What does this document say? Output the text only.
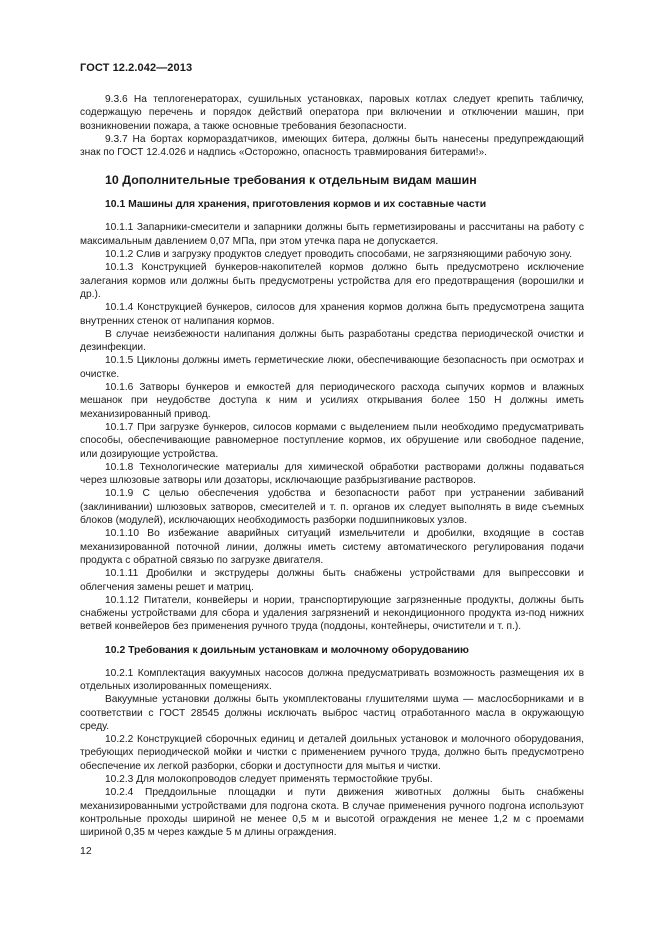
ГОСТ 12.2.042—2013

9.3.6 На теплогенераторах, сушильных установках, паровых котлах следует крепить табличку, содержащую перечень и порядок действий оператора при включении и отключении машин, при возникновении пожара, а также основные требования безопасности.

9.3.7 На бортах кормораздатчиков, имеющих битера, должны быть нанесены предупреждающий знак по ГОСТ 12.4.026 и надпись «Осторожно, опасность травмирования битерами!».

10 Дополнительные требования к отдельным видам машин
10.1 Машины для хранения, приготовления кормов и их составные части

10.1.1 Запарники-смесители и запарники должны быть герметизированы и рассчитаны на работу с максимальным давлением 0,07 МПа, при этом утечка пара не допускается.

10.1.2 Слив и загрузку продуктов следует проводить способами, не загрязняющими рабочую зону.

10.1.3 Конструкцией бункеров-накопителей кормов должно быть предусмотрено исключение залегания кормов или должны быть предусмотрены устройства для его предотвращения (ворошилки и др.).

10.1.4 Конструкцией бункеров, силосов для хранения кормов должна быть предусмотрена защита внутренних стенок от налипания кормов.

В случае неизбежности налипания должны быть разработаны средства периодической очистки и дезинфекции.

10.1.5 Циклоны должны иметь герметические люки, обеспечивающие безопасность при осмотрах и очистке.

10.1.6 Затворы бункеров и емкостей для периодического расхода сыпучих кормов и влажных мешанок при неудобстве доступа к ним и усилиях открывания более 150 Н должны иметь механизированный привод.

10.1.7 При загрузке бункеров, силосов кормами с выделением пыли необходимо предусматривать способы, обеспечивающие равномерное поступление кормов, их обрушение или свободное падение, или дозирующие устройства.

10.1.8 Технологические материалы для химической обработки растворами должны подаваться через шлюзовые затворы или дозаторы, исключающие разбрызгивание растворов.

10.1.9 С целью обеспечения удобства и безопасности работ при устранении забиваний (заклинивании) шлюзовых затворов, смесителей и т. п. органов их следует выполнять в виде съемных блоков (модулей), исключающих необходимость разборки подшипниковых узлов.

10.1.10 Во избежание аварийных ситуаций измельчители и дробилки, входящие в состав механизированной поточной линии, должны иметь систему автоматического регулирования подачи продукта с обратной связью по загрузке двигателя.

10.1.11 Дробилки и экструдеры должны быть снабжены устройствами для выпрессовки и облегчения замены решет и матриц.

10.1.12 Питатели, конвейеры и нории, транспортирующие загрязненные продукты, должны быть снабжены устройствами для сбора и удаления загрязнений и некондиционного продукта из-под нижних ветвей конвейеров без применения ручного труда (поддоны, контейнеры, очистители и т. п.).

10.2 Требования к доильным установкам и молочному оборудованию

10.2.1 Комплектация вакуумных насосов должна предусматривать возможность размещения их в отдельных изолированных помещениях.

Вакуумные установки должны быть укомплектованы глушителями шума — маслосборниками и в соответствии с ГОСТ 28545 должны исключать выброс частиц отработанного масла в окружающую среду.

10.2.2 Конструкцией сборочных единиц и деталей доильных установок и молочного оборудования, требующих периодической мойки и чистки с применением ручного труда, должно быть предусмотрено обеспечение их легкой разборки, сборки и доступности для мытья и чистки.

10.2.3 Для молокопроводов следует применять термостойкие трубы.

10.2.4 Преддоильные площадки и пути движения животных должны быть снабжены механизированными устройствами для подгона скота. В случае применения ручного подгона используют контрольные проходы шириной не менее 0,5 м и высотой ограждения не менее 1,2 м с проемами шириной 0,35 м через каждые 5 м длины ограждения.

12
